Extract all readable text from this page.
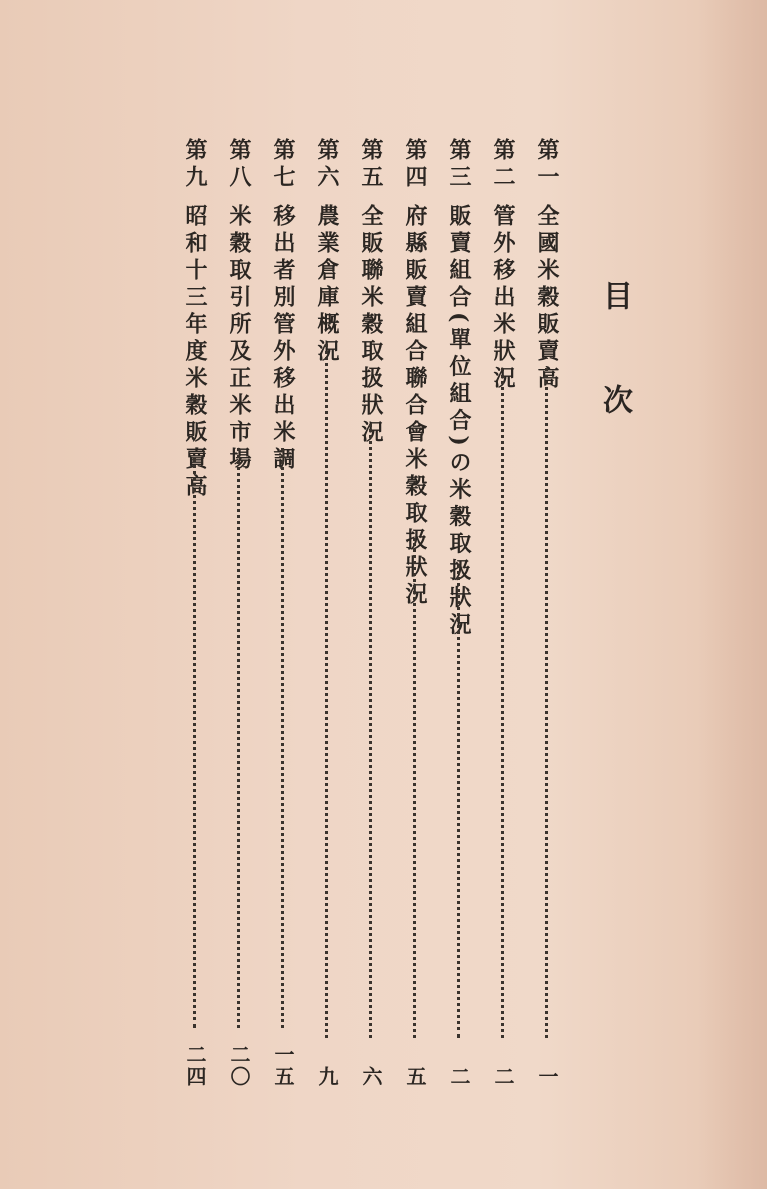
目次
第一
全國米穀販賣高
一
第二
管外移出米狀況
二
第三
販賣組合(單位組合)の米穀取扱狀況
二
第四
府縣販賣組合聯合會米穀取扱狀況
五
第五
全販聯米穀取扱狀況
六
第六
農業倉庫概況
九
第七
移出者別管外移出米調
一五
第八
米穀取引所及正米市場
二〇
第九
昭和十三年度米穀販賣高
二四
